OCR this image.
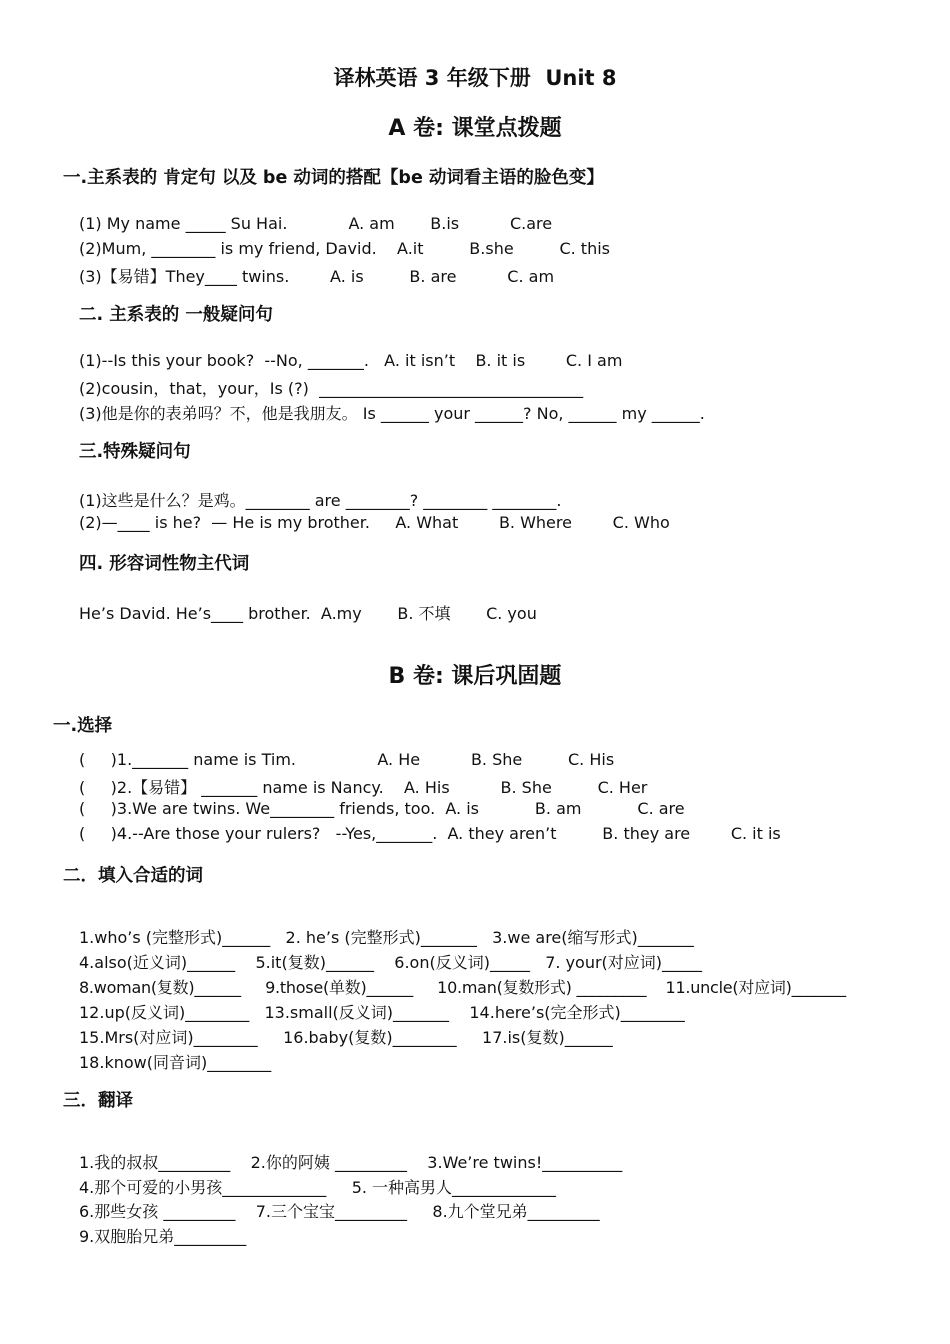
译林英语 3 年级下册  Unit 8
A 卷: 课堂点拨题
一.主系表的 肯定句 以及 be 动词的搭配【be 动词看主语的脸色变】
(1) My name _____ Su Hai.            A. am       B.is          C.are
(2)Mum, ________ is my friend, David.    A.it         B.she         C. this
(3)【易错】They____ twins.        A. is         B. are          C. am
二. 主系表的 一般疑问句
(1)--Is this your book?  --No, _______.   A. it isn’t    B. it is        C. I am
(2)cousin，that，your，Is (?)  _________________________________
(3)他是你的表弟吗？不，他是我朋友。 Is ______ your ______? No, ______ my ______.
三.特殊疑问句
(1)这些是什么？是鸡。________ are ________? ________ ________.
(2)—____ is he?  — He is my brother.     A. What        B. Where        C. Who
四. 形容词性物主代词
He’s David. He’s____ brother.  A.my       B. 不填       C. you
B 卷: 课后巩固题
一.选择
(     )1._______ name is Tim.                A. He          B. She         C. His
(     )2.【易错】 _______ name is Nancy.    A. His          B. She         C. Her
(     )3.We are twins. We________ friends, too.  A. is           B. am           C. are
(     )4.--Are those your rulers?   --Yes,_______.  A. they aren’t         B. they are        C. it is
二．填入合适的词
1.who’s (完整形式)______   2. he’s (完整形式)_______   3.we are(缩写形式)_______
4.also(近义词)______    5.it(复数)______    6.on(反义词)_____   7. your(对应词)_____
8.woman(复数)______     9.those(单数)______     10.man(复数形式) _________    11.uncle(对应词)_______
12.up(反义词)________   13.small(反义词)_______    14.here’s(完全形式)________
15.Mrs(对应词)________     16.baby(复数)________     17.is(复数)______
18.know(同音词)________
三．翻译
1.我的叔叔_________    2.你的阿姨 _________    3.We’re twins!__________
4.那个可爱的小男孩_____________     5. 一种高男人_____________
6.那些女孩 _________    7.三个宝宝_________     8.九个堂兄弟_________
9.双胞胎兄弟_________
